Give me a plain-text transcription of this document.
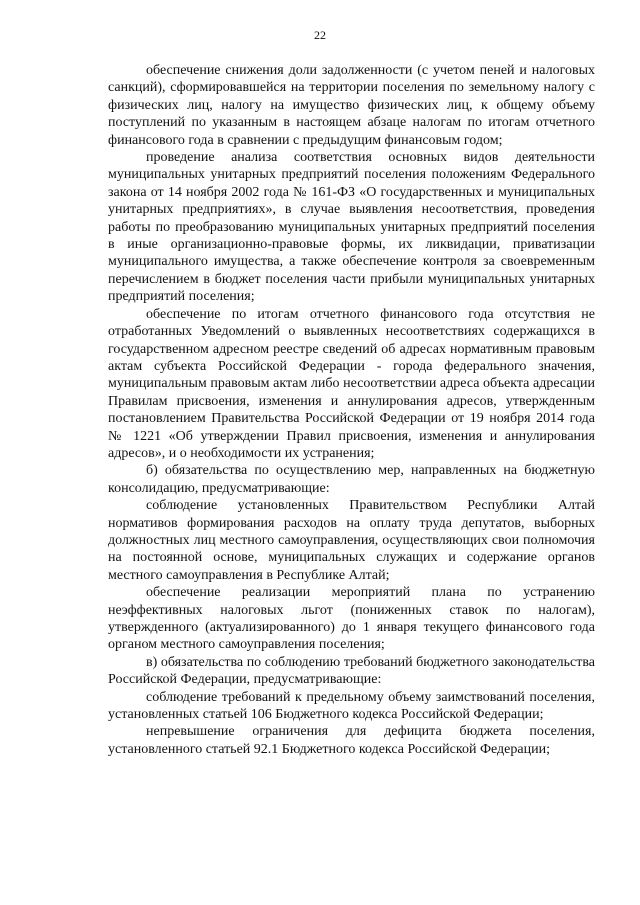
22

обеспечение снижения доли задолженности (с учетом пеней и налоговых санкций), сформировавшейся на территории поселения по земельному налогу с физических лиц, налогу на имущество физических лиц, к общему объему поступлений по указанным в настоящем абзаце налогам по итогам отчетного финансового года в сравнении с предыдущим финансовым годом;

проведение анализа соответствия основных видов деятельности муниципальных унитарных предприятий поселения положениям Федерального закона от 14 ноября 2002 года № 161-ФЗ «О государственных и муниципальных унитарных предприятиях», в случае выявления несоответствия, проведения работы по преобразованию муниципальных унитарных предприятий поселения в иные организационно-правовые формы, их ликвидации, приватизации муниципального имущества, а также обеспечение контроля за своевременным перечислением в бюджет поселения части прибыли муниципальных унитарных предприятий поселения;

обеспечение по итогам отчетного финансового года отсутствия не отработанных Уведомлений о выявленных несоответствиях содержащихся в государственном адресном реестре сведений об адресах нормативным правовым актам субъекта Российской Федерации - города федерального значения, муниципальным правовым актам либо несоответствии адреса объекта адресации Правилам присвоения, изменения и аннулирования адресов, утвержденным постановлением Правительства Российской Федерации от 19 ноября 2014 года № 1221 «Об утверждении Правил присвоения, изменения и аннулирования адресов», и о необходимости их устранения;

б) обязательства по осуществлению мер, направленных на бюджетную консолидацию, предусматривающие:

соблюдение установленных Правительством Республики Алтай нормативов формирования расходов на оплату труда депутатов, выборных должностных лиц местного самоуправления, осуществляющих свои полномочия на постоянной основе, муниципальных служащих и содержание органов местного самоуправления в Республике Алтай;

обеспечение реализации мероприятий плана по устранению неэффективных налоговых льгот (пониженных ставок по налогам), утвержденного (актуализированного) до 1 января текущего финансового года органом местного самоуправления поселения;

в) обязательства по соблюдению требований бюджетного законодательства Российской Федерации, предусматривающие:

соблюдение требований к предельному объему заимствований поселения, установленных статьей 106 Бюджетного кодекса Российской Федерации;

непревышение ограничения для дефицита бюджета поселения, установленного статьей 92.1 Бюджетного кодекса Российской Федерации;
